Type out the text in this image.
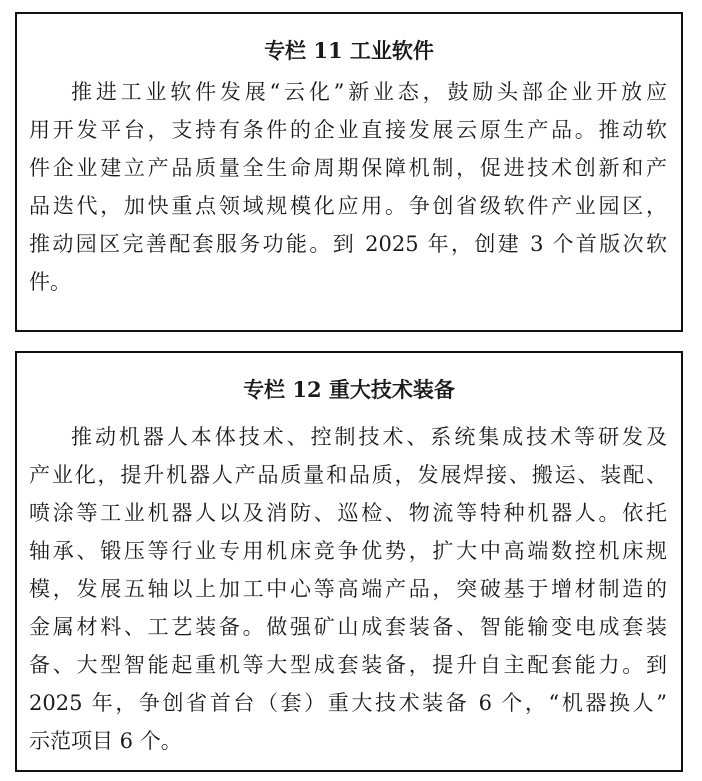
专栏 11 工业软件
推进工业软件发展“云化”新业态，鼓励头部企业开放应
用开发平台，支持有条件的企业直接发展云原生产品。推动软
件企业建立产品质量全生命周期保障机制，促进技术创新和产
品迭代，加快重点领域规模化应用。争创省级软件产业园区，
推动园区完善配套服务功能。到 2025 年，创建 3 个首版次软
件。
专栏 12 重大技术装备
推动机器人本体技术、控制技术、系统集成技术等研发及
产业化，提升机器人产品质量和品质，发展焊接、搬运、装配、
喷涂等工业机器人以及消防、巡检、物流等特种机器人。依托
轴承、锻压等行业专用机床竞争优势，扩大中高端数控机床规
模，发展五轴以上加工中心等高端产品，突破基于增材制造的
金属材料、工艺装备。做强矿山成套装备、智能输变电成套装
备、大型智能起重机等大型成套装备，提升自主配套能力。到
2025 年，争创省首台（套）重大技术装备 6 个，“机器换人”
示范项目 6 个。
